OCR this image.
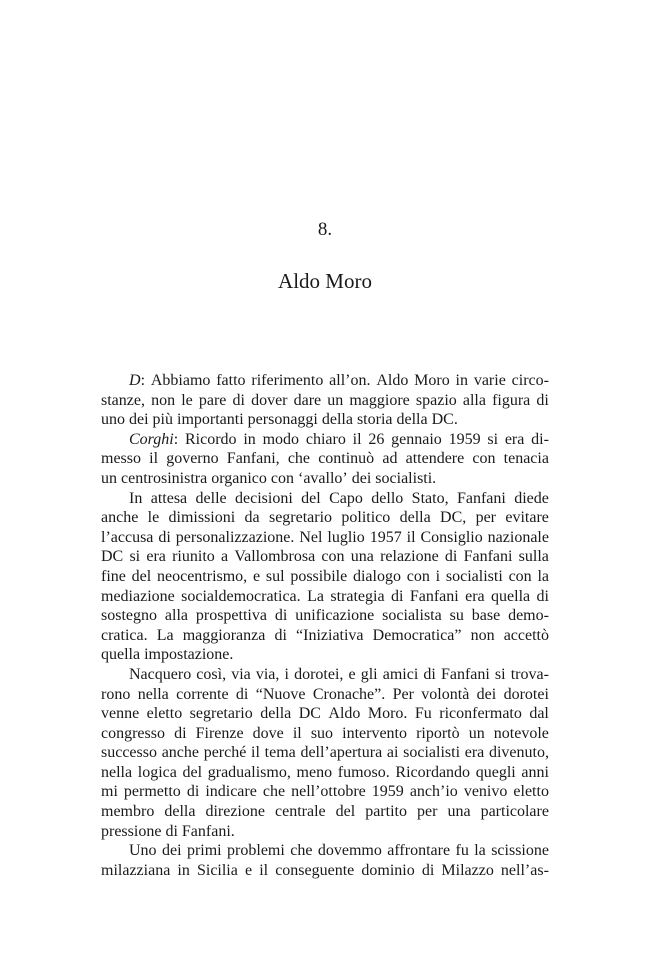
8.
Aldo Moro
D: Abbiamo fatto riferimento all’on. Aldo Moro in varie circo-
stanze, non le pare di dover dare un maggiore spazio alla figura di
uno dei più importanti personaggi della storia della DC.
Corghi: Ricordo in modo chiaro il 26 gennaio 1959 si era di-
messo il governo Fanfani, che continuò ad attendere con tenacia
un centrosinistra organico con ‘avallo’ dei socialisti.
In attesa delle decisioni del Capo dello Stato, Fanfani diede
anche le dimissioni da segretario politico della DC, per evitare
l’accusa di personalizzazione. Nel luglio 1957 il Consiglio nazionale
DC si era riunito a Vallombrosa con una relazione di Fanfani sulla
fine del neocentrismo, e sul possibile dialogo con i socialisti con la
mediazione socialdemocratica. La strategia di Fanfani era quella di
sostegno alla prospettiva di unificazione socialista su base demo-
cratica. La maggioranza di “Iniziativa Democratica” non accettò
quella impostazione.
Nacquero così, via via, i dorotei, e gli amici di Fanfani si trova-
rono nella corrente di “Nuove Cronache”. Per volontà dei dorotei
venne eletto segretario della DC Aldo Moro. Fu riconfermato dal
congresso di Firenze dove il suo intervento riportò un notevole
successo anche perché il tema dell’apertura ai socialisti era divenuto,
nella logica del gradualismo, meno fumoso. Ricordando quegli anni
mi permetto di indicare che nell’ottobre 1959 anch’io venivo eletto
membro della direzione centrale del partito per una particolare
pressione di Fanfani.
Uno dei primi problemi che dovemmo affrontare fu la scissione
milazziana in Sicilia e il conseguente dominio di Milazzo nell’as-
